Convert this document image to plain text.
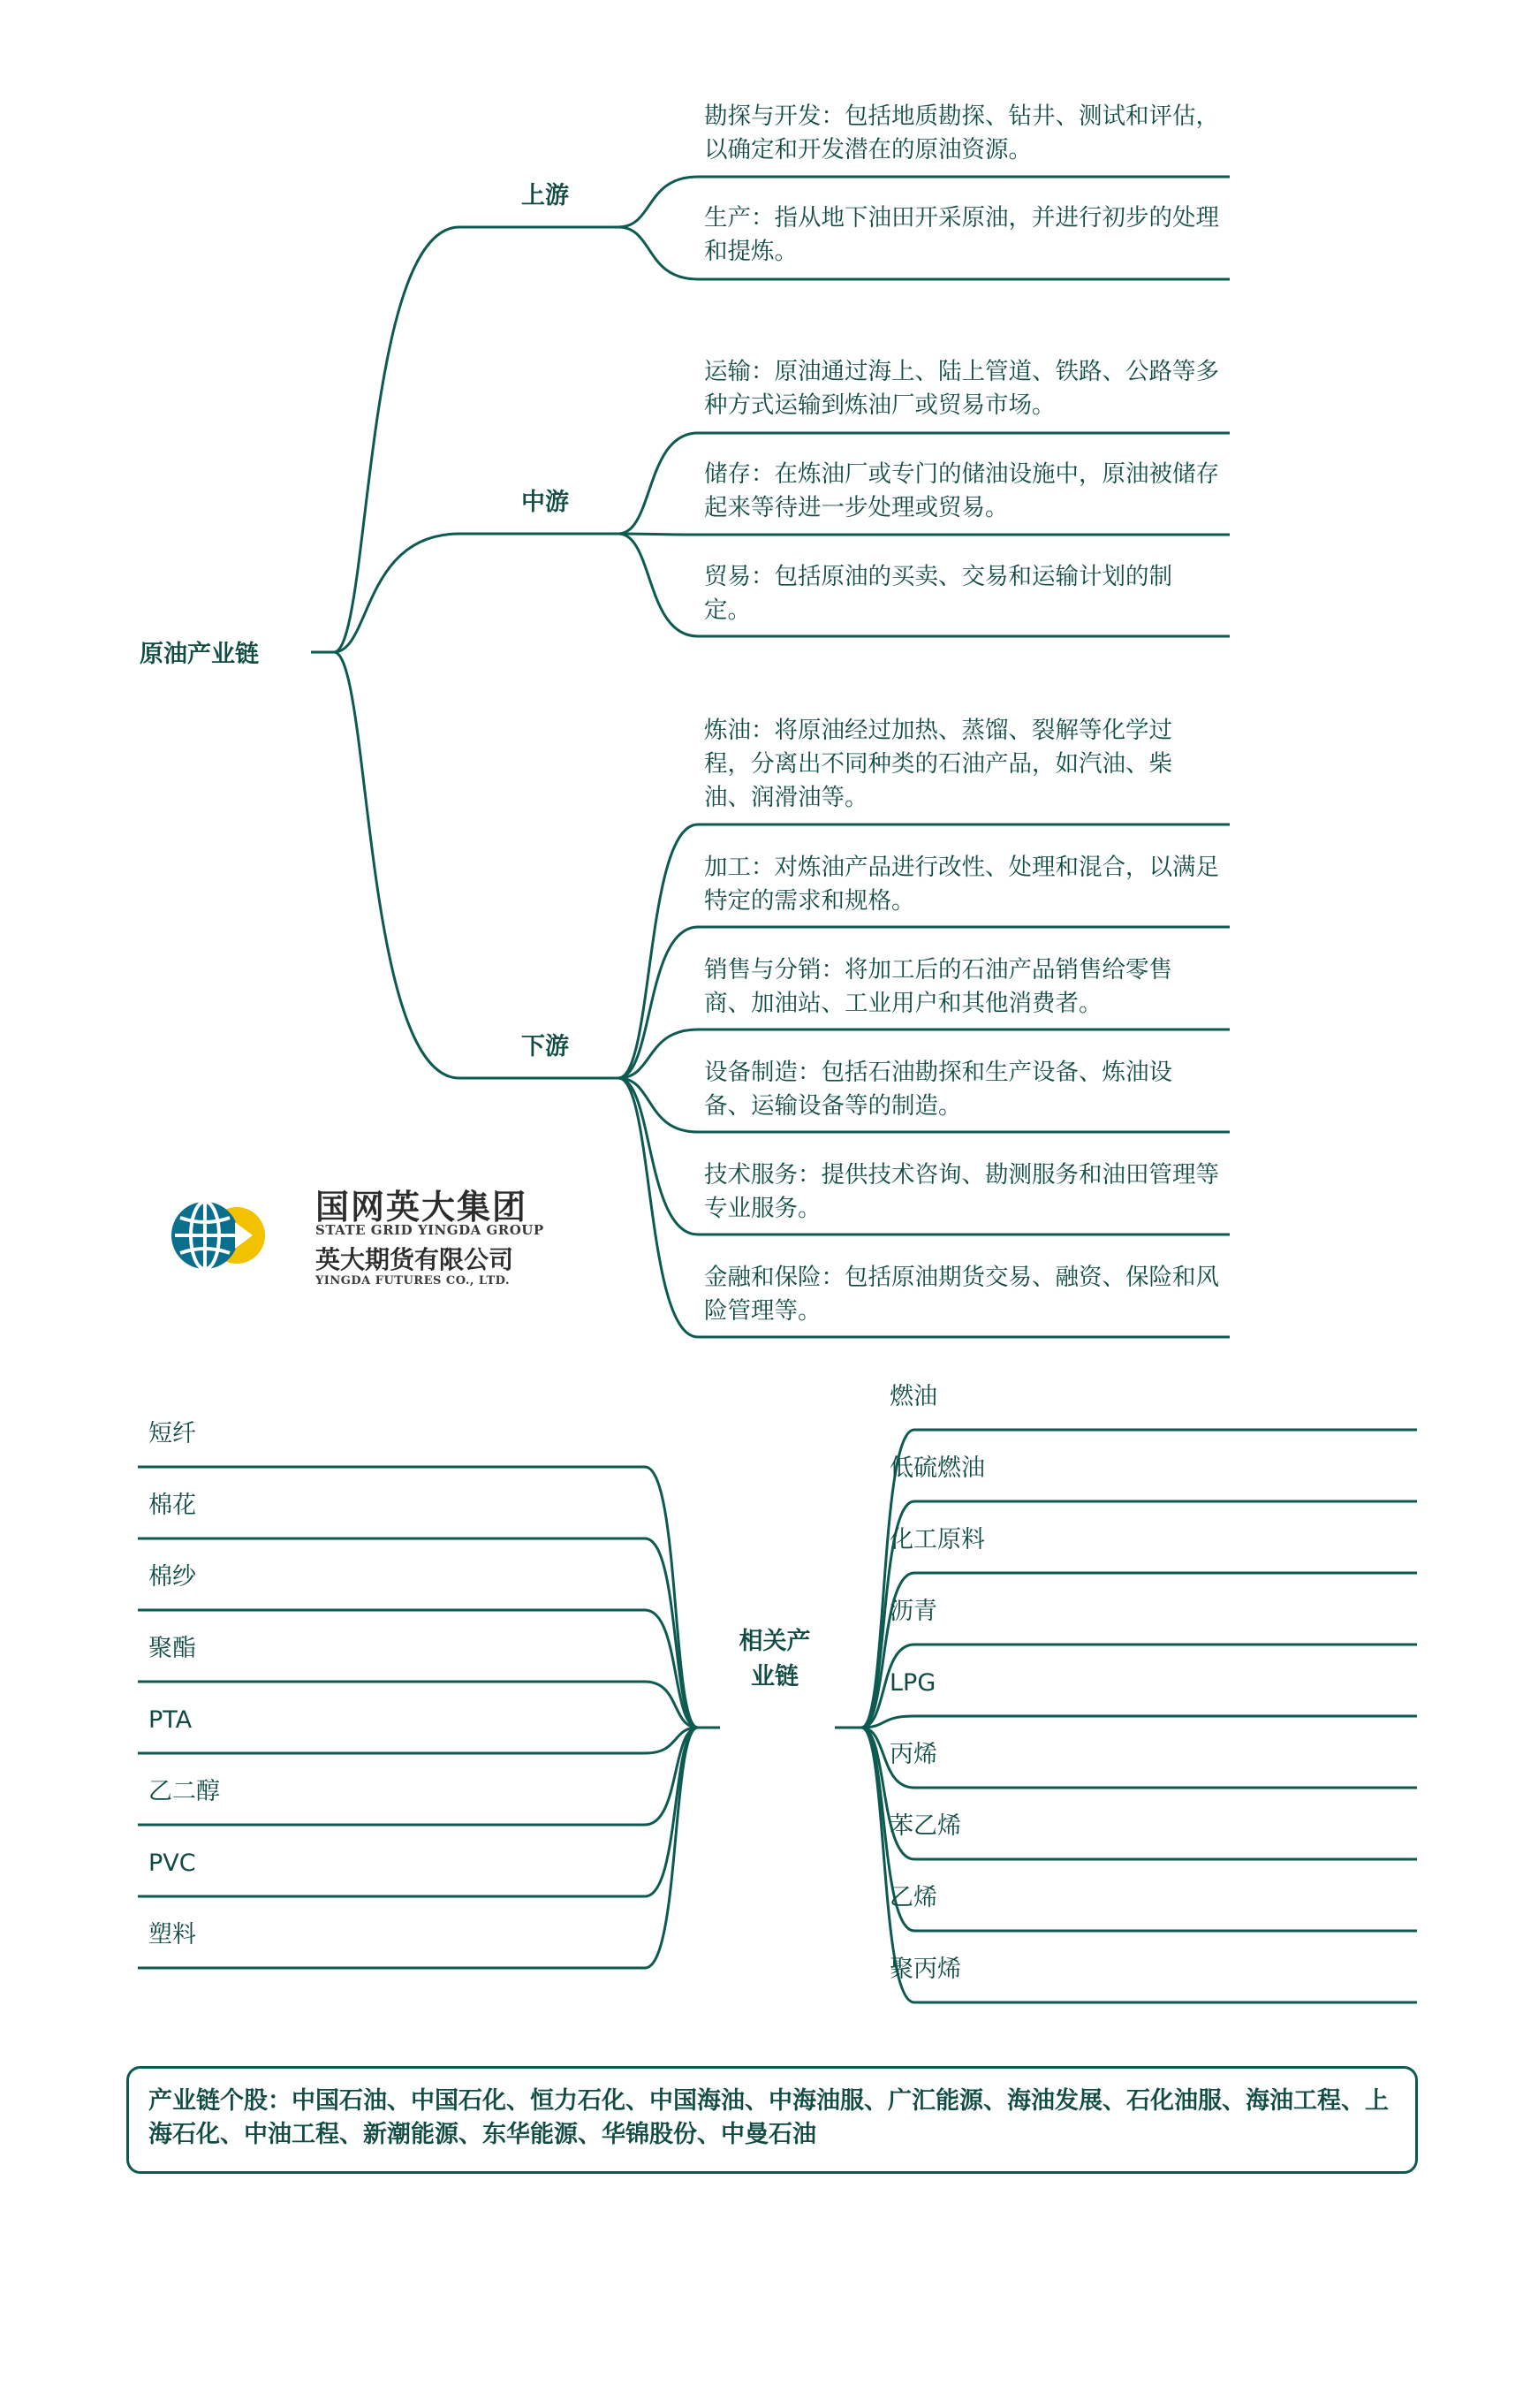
原油产业链
上游
中游
下游
勘探与开发：包括地质勘探、钻井、测试和评估，以确定和开发潜在的原油资源。
生产：指从地下油田开采原油，并进行初步的处理和提炼。
运输：原油通过海上、陆上管道、铁路、公路等多种方式运输到炼油厂或贸易市场。
储存：在炼油厂或专门的储油设施中，原油被储存起来等待进一步处理或贸易。
贸易：包括原油的买卖、交易和运输计划的制定。
炼油：将原油经过加热、蒸馏、裂解等化学过程，分离出不同种类的石油产品，如汽油、柴油、润滑油等。
加工：对炼油产品进行改性、处理和混合，以满足特定的需求和规格。
销售与分销：将加工后的石油产品销售给零售商、加油站、工业用户和其他消费者。
设备制造：包括石油勘探和生产设备、炼油设备、运输设备等的制造。
技术服务：提供技术咨询、勘测服务和油田管理等专业服务。
金融和保险：包括原油期货交易、融资、保险和风险管理等。
国网英大集团
STATE GRID YINGDA GROUP
英大期货有限公司
YINGDA FUTURES CO., LTD.
相关产业链
短纤
棉花
棉纱
聚酯
PTA
乙二醇
PVC
塑料
燃油
低硫燃油
化工原料
沥青
LPG
丙烯
苯乙烯
乙烯
聚丙烯
产业链个股：中国石油、中国石化、恒力石化、中国海油、中海油服、广汇能源、海油发展、石化油服、海油工程、上海石化、中油工程、新潮能源、东华能源、华锦股份、中曼石油
